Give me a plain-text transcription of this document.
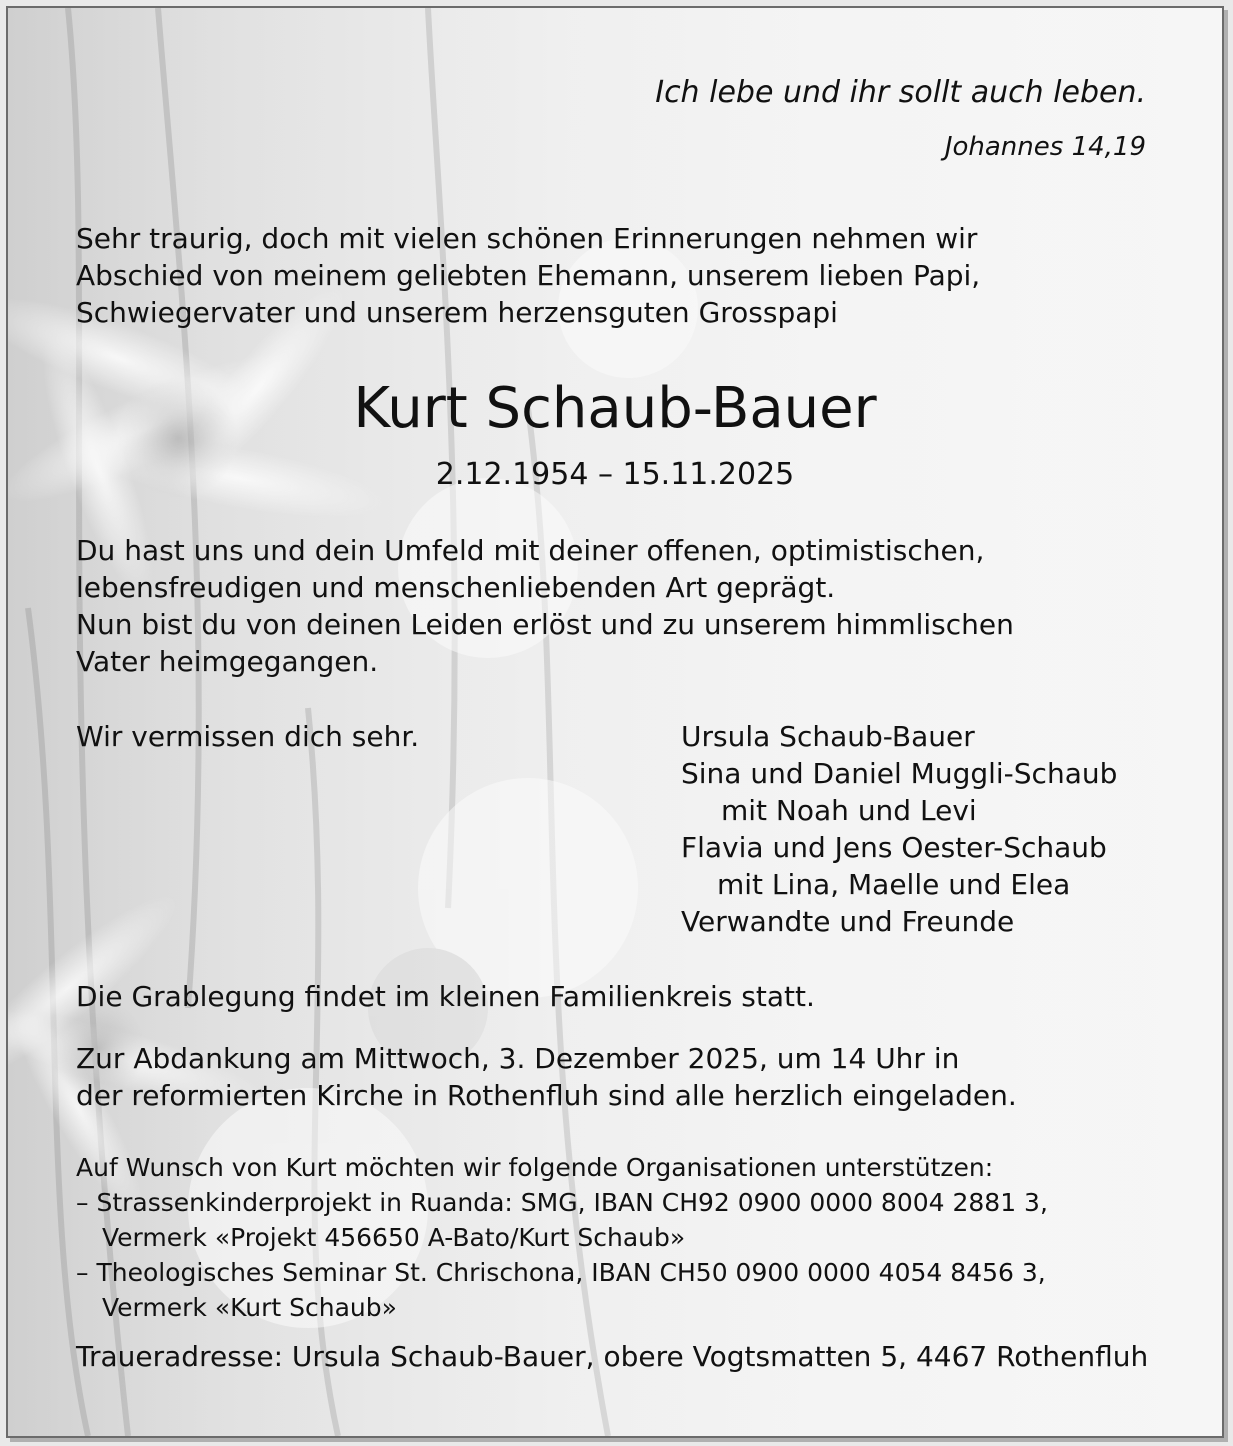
Ich lebe und ihr sollt auch leben.

Johannes 14,19

Sehr traurig, doch mit vielen schönen Erinnerungen nehmen wir
Abschied von meinem geliebten Ehemann, unserem lieben Papi,
Schwiegervater und unserem herzensguten Grosspapi
Kurt Schaub-Bauer

2.12.1954 – 15.11.2025

Du hast uns und dein Umfeld mit deiner offenen, optimistischen,
lebensfreudigen und menschenliebenden Art geprägt.
Nun bist du von deinen Leiden erlöst und zu unserem himmlischen
Vater heimgegangen.

Wir vermissen dich sehr.	Ursula Schaub-Bauer
Sina und Daniel Muggli-Schaub
mit Noah und Levi
Flavia und Jens Oester-Schaub
mit Lina, Maelle und Elea
Verwandte und Freunde

Die Grablegung findet im kleinen Familienkreis statt.

Zur Abdankung am Mittwoch, 3. Dezember 2025, um 14 Uhr in
der reformierten Kirche in Rothenfluh sind alle herzlich eingeladen.
Auf Wunsch von Kurt möchten wir folgende Organisationen unterstützen:
– Strassenkinderprojekt in Ruanda: SMG, IBAN CH92 0900 0000 8004 2881 3,
Vermerk «Projekt 456650 A-Bato/Kurt Schaub»
– Theologisches Seminar St. Chrischona, IBAN CH50 0900 0000 4054 8456 3,
Vermerk «Kurt Schaub»

Traueradresse: Ursula Schaub-Bauer, obere Vogtsmatten 5, 4467 Rothenfluh
